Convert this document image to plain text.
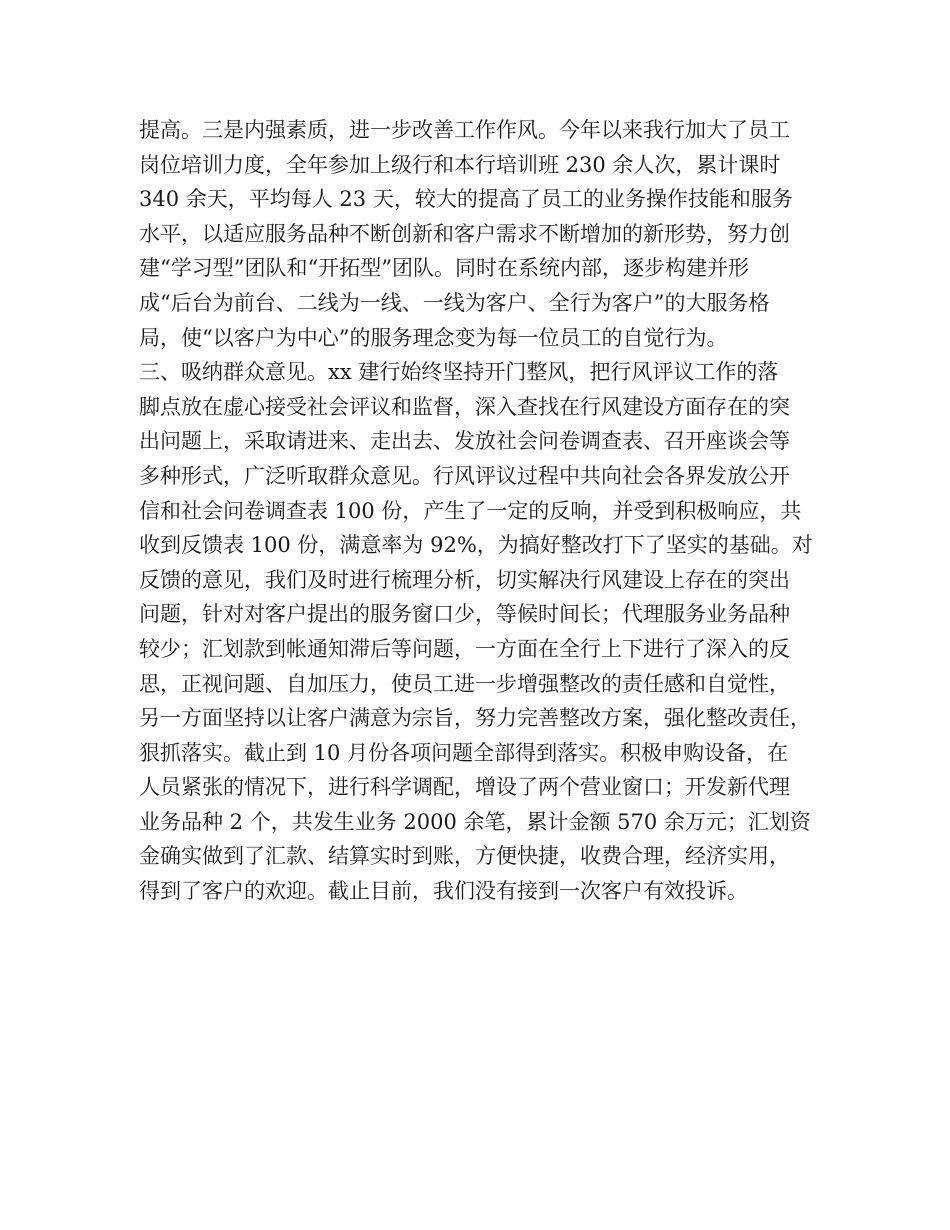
提高。三是内强素质，进一步改善工作作风。今年以来我行加大了员工
岗位培训力度，全年参加上级行和本行培训班 230 余人次，累计课时
340 余天，平均每人 23 天，较大的提高了员工的业务操作技能和服务
水平，以适应服务品种不断创新和客户需求不断增加的新形势，努力创
建“学习型”团队和“开拓型”团队。同时在系统内部，逐步构建并形
成“后台为前台、二线为一线、一线为客户、全行为客户”的大服务格
局，使“以客户为中心”的服务理念变为每一位员工的自觉行为。
三、吸纳群众意见。xx 建行始终坚持开门整风，把行风评议工作的落
脚点放在虚心接受社会评议和监督，深入查找在行风建设方面存在的突
出问题上，采取请进来、走出去、发放社会问卷调查表、召开座谈会等
多种形式，广泛听取群众意见。行风评议过程中共向社会各界发放公开
信和社会问卷调查表 100 份，产生了一定的反响，并受到积极响应，共
收到反馈表 100 份，满意率为 92%，为搞好整改打下了坚实的基础。对
反馈的意见，我们及时进行梳理分析，切实解决行风建设上存在的突出
问题，针对对客户提出的服务窗口少，等候时间长；代理服务业务品种
较少；汇划款到帐通知滞后等问题，一方面在全行上下进行了深入的反
思，正视问题、自加压力，使员工进一步增强整改的责任感和自觉性，
另一方面坚持以让客户满意为宗旨，努力完善整改方案，强化整改责任，
狠抓落实。截止到 10 月份各项问题全部得到落实。积极申购设备，在
人员紧张的情况下，进行科学调配，增设了两个营业窗口；开发新代理
业务品种 2 个，共发生业务 2000 余笔，累计金额 570 余万元；汇划资
金确实做到了汇款、结算实时到账，方便快捷，收费合理，经济实用，
得到了客户的欢迎。截止目前，我们没有接到一次客户有效投诉。
